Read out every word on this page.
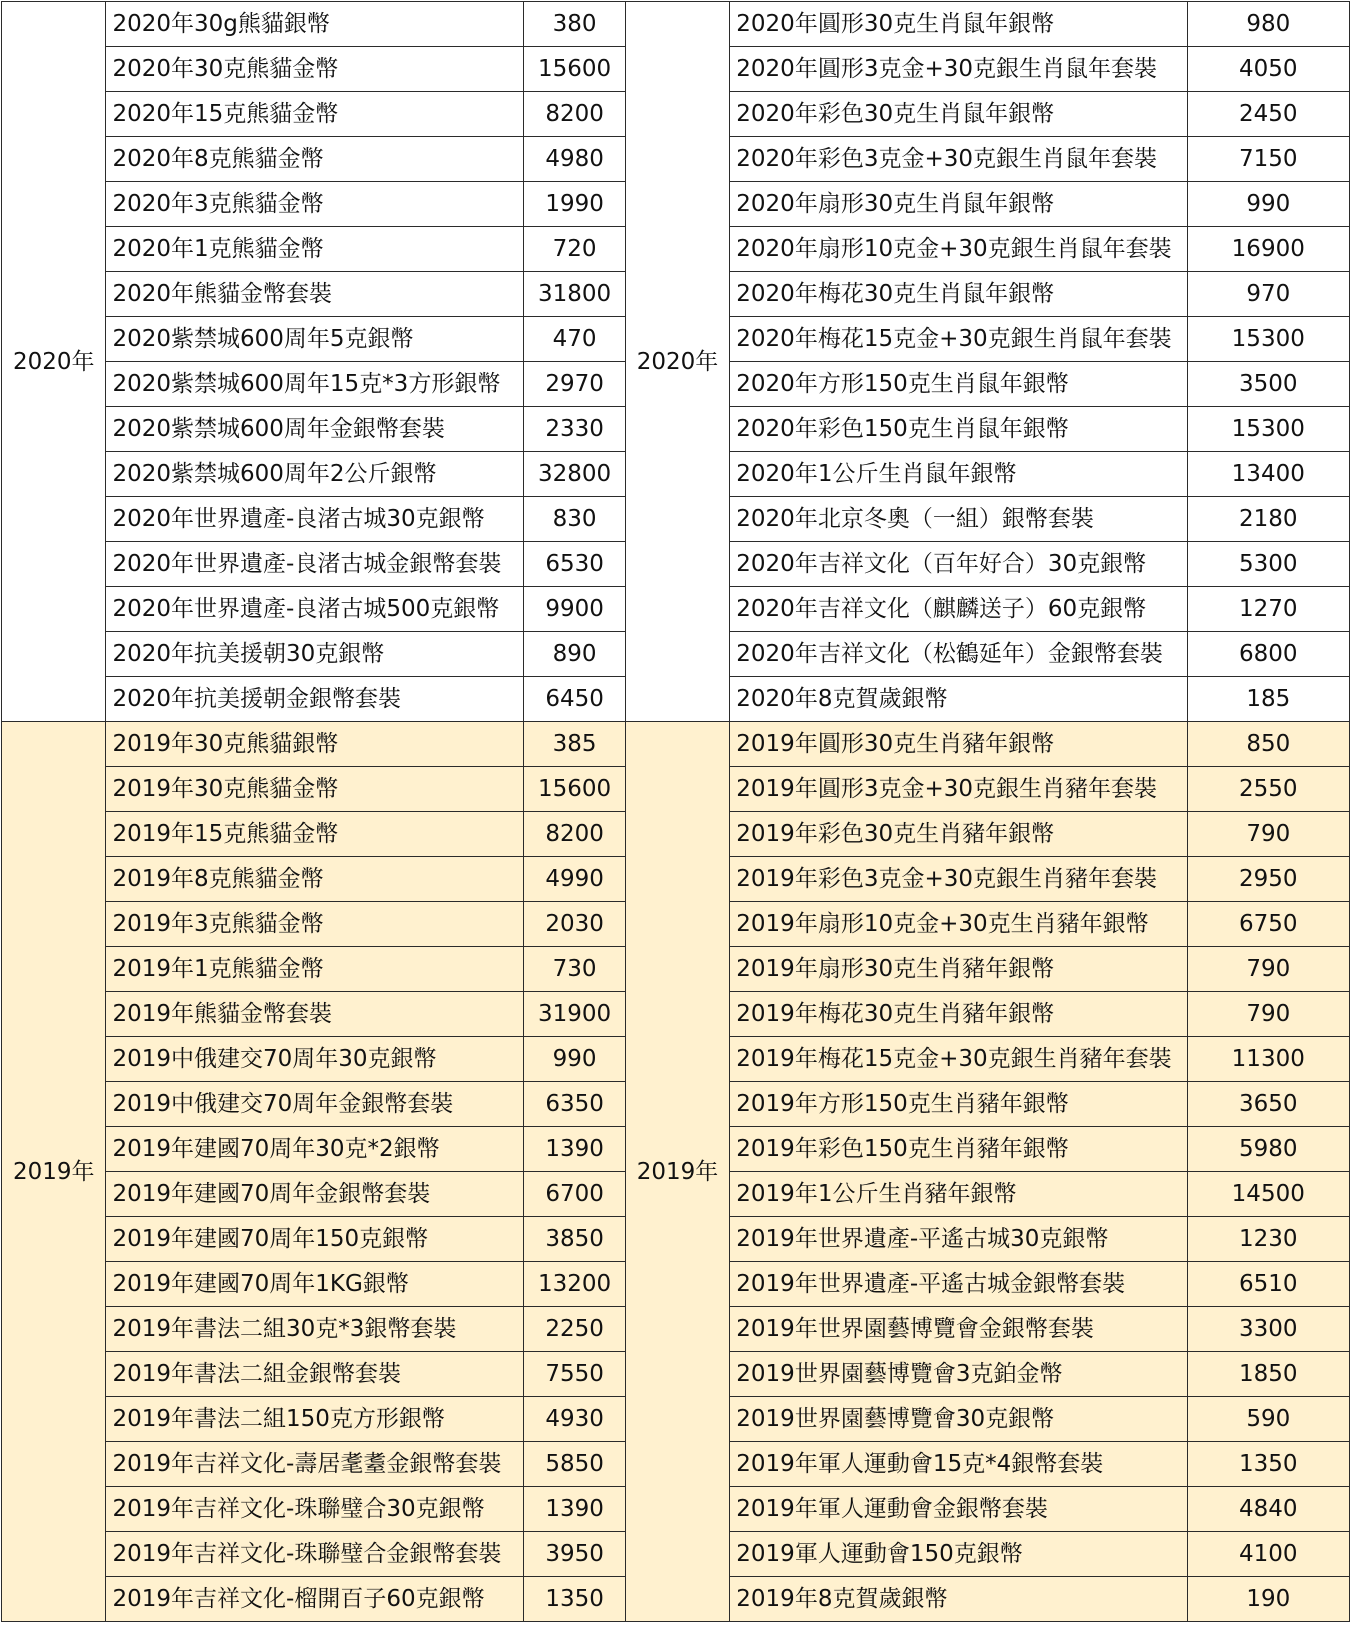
2020年	2020年30g熊貓銀幣	380	2020年	2020年圓形30克生肖鼠年銀幣	980
	2020年30克熊貓金幣	15600		2020年圓形3克金+30克銀生肖鼠年套裝	4050
	2020年15克熊貓金幣	8200		2020年彩色30克生肖鼠年銀幣	2450
	2020年8克熊貓金幣	4980		2020年彩色3克金+30克銀生肖鼠年套裝	7150
	2020年3克熊貓金幣	1990		2020年扇形30克生肖鼠年銀幣	990
	2020年1克熊貓金幣	720		2020年扇形10克金+30克銀生肖鼠年套裝	16900
	2020年熊貓金幣套裝	31800		2020年梅花30克生肖鼠年銀幣	970
	2020紫禁城600周年5克銀幣	470		2020年梅花15克金+30克銀生肖鼠年套裝	15300
	2020紫禁城600周年15克*3方形銀幣	2970		2020年方形150克生肖鼠年銀幣	3500
	2020紫禁城600周年金銀幣套裝	2330		2020年彩色150克生肖鼠年銀幣	15300
	2020紫禁城600周年2公斤銀幣	32800		2020年1公斤生肖鼠年銀幣	13400
	2020年世界遺產-良渚古城30克銀幣	830		2020年北京冬奧（一組）銀幣套裝	2180
	2020年世界遺產-良渚古城金銀幣套裝	6530		2020年吉祥文化（百年好合）30克銀幣	5300
	2020年世界遺產-良渚古城500克銀幣	9900		2020年吉祥文化（麒麟送子）60克銀幣	1270
	2020年抗美援朝30克銀幣	890		2020年吉祥文化（松鶴延年）金銀幣套裝	6800
	2020年抗美援朝金銀幣套裝	6450		2020年8克賀歲銀幣	185
2019年	2019年30克熊貓銀幣	385	2019年	2019年圓形30克生肖豬年銀幣	850
	2019年30克熊貓金幣	15600		2019年圓形3克金+30克銀生肖豬年套裝	2550
	2019年15克熊貓金幣	8200		2019年彩色30克生肖豬年銀幣	790
	2019年8克熊貓金幣	4990		2019年彩色3克金+30克銀生肖豬年套裝	2950
	2019年3克熊貓金幣	2030		2019年扇形10克金+30克生肖豬年銀幣	6750
	2019年1克熊貓金幣	730		2019年扇形30克生肖豬年銀幣	790
	2019年熊貓金幣套裝	31900		2019年梅花30克生肖豬年銀幣	790
	2019中俄建交70周年30克銀幣	990		2019年梅花15克金+30克銀生肖豬年套裝	11300
	2019中俄建交70周年金銀幣套裝	6350		2019年方形150克生肖豬年銀幣	3650
	2019年建國70周年30克*2銀幣	1390		2019年彩色150克生肖豬年銀幣	5980
	2019年建國70周年金銀幣套裝	6700		2019年1公斤生肖豬年銀幣	14500
	2019年建國70周年150克銀幣	3850		2019年世界遺產-平遙古城30克銀幣	1230
	2019年建國70周年1KG銀幣	13200		2019年世界遺產-平遙古城金銀幣套裝	6510
	2019年書法二組30克*3銀幣套裝	2250		2019年世界園藝博覽會金銀幣套裝	3300
	2019年書法二組金銀幣套裝	7550		2019世界園藝博覽會3克鉑金幣	1850
	2019年書法二組150克方形銀幣	4930		2019世界園藝博覽會30克銀幣	590
	2019年吉祥文化-壽居耄耋金銀幣套裝	5850		2019年軍人運動會15克*4銀幣套裝	1350
	2019年吉祥文化-珠聯璧合30克銀幣	1390		2019年軍人運動會金銀幣套裝	4840
	2019年吉祥文化-珠聯璧合金銀幣套裝	3950		2019軍人運動會150克銀幣	4100
	2019年吉祥文化-榴開百子60克銀幣	1350		2019年8克賀歲銀幣	190
